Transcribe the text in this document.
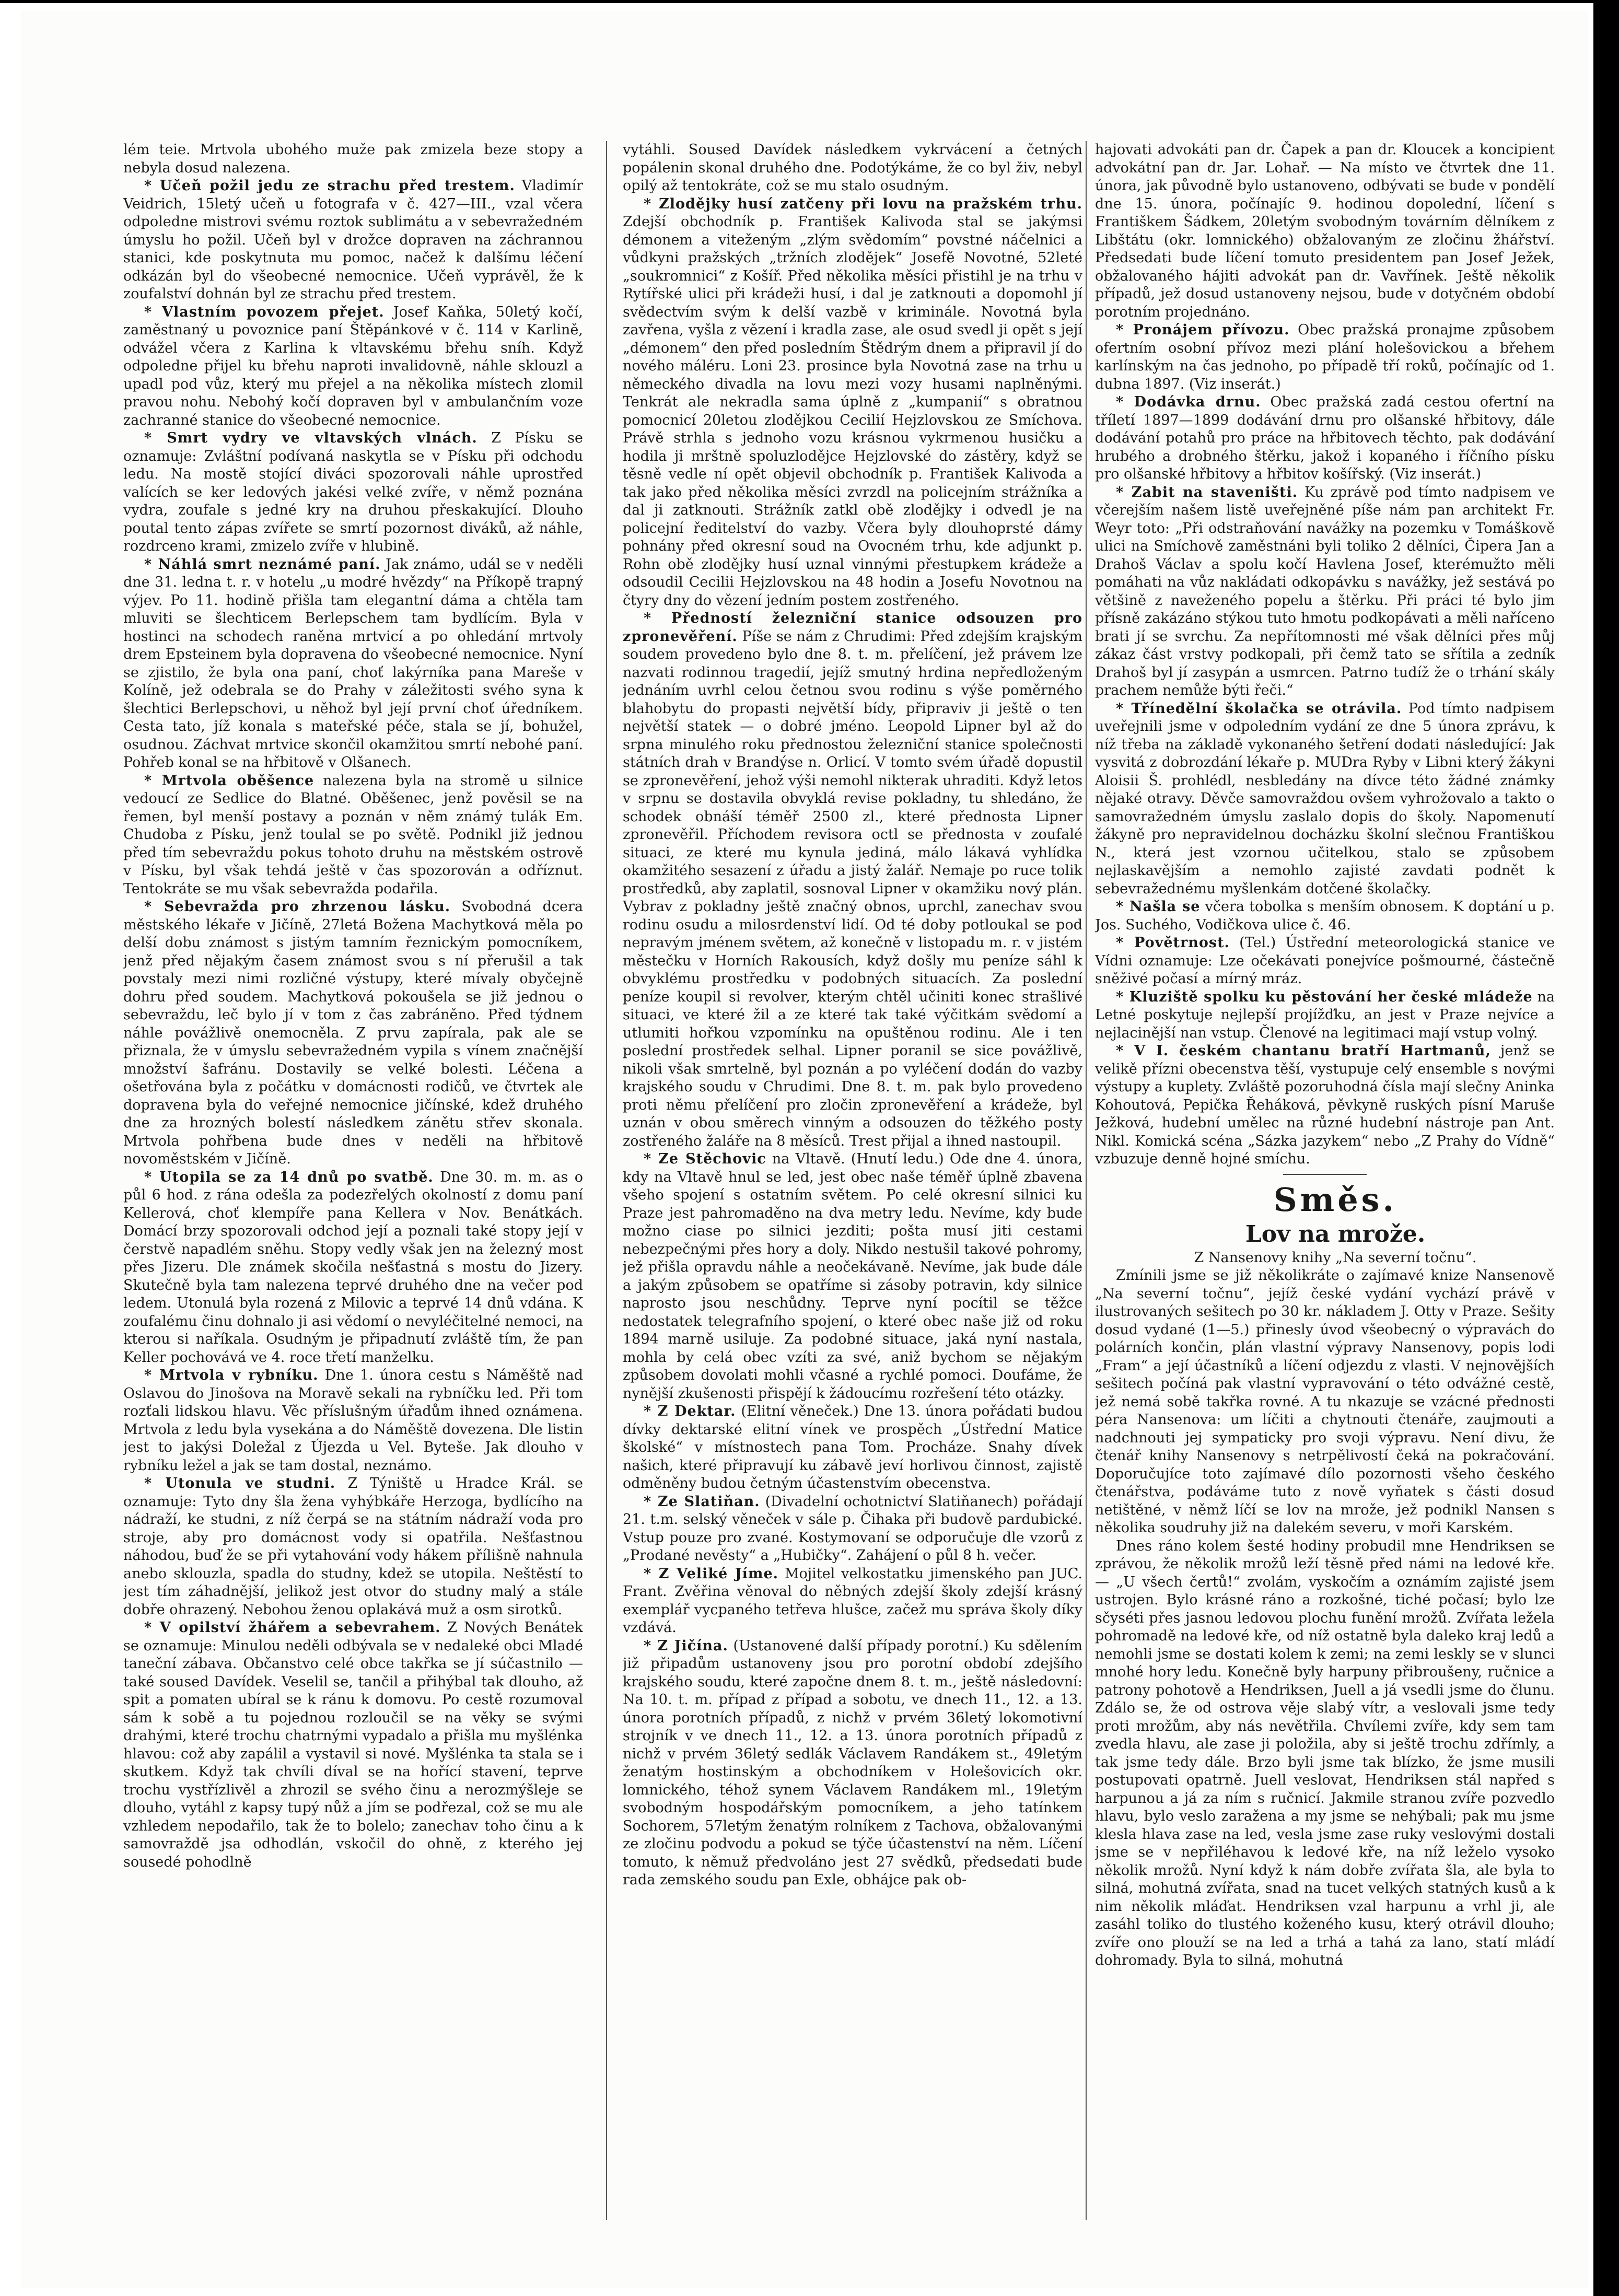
lém teie. Mrtvola ubohého muže pak zmizela beze stopy a nebyla dosud nalezena.

* Učeň požil jedu ze strachu před trestem. Vladimír Veidrich, 15letý učeň u fotografa v č. 427—III., vzal včera odpoledne mistrovi svému roztok sublimátu a v sebevražedném úmyslu ho požil. Učeň byl v drožce dopraven na záchrannou stanici, kde poskytnuta mu pomoc, načež k dalšímu léčení odkázán byl do všeobecné nemocnice. Učeň vyprávěl, že k zoufalství dohnán byl ze strachu před trestem.

* Vlastním povozem přejet. Josef Kaňka, 50letý kočí, zaměstnaný u povoznice paní Štěpánkové v č. 114 v Karlině, odvážel včera z Karlina k vltavskému břehu sníh. Když odpoledne přijel ku břehu naproti invalidovně, náhle sklouzl a upadl pod vůz, který mu přejel a na několika místech zlomil pravou nohu. Nebohý kočí dopraven byl v ambulančním voze zachranné stanice do všeobecné nemocnice.

* Smrt vydry ve vltavských vlnách. Z Písku se oznamuje: Zvláštní podívaná naskytla se v Písku při odchodu ledu. Na mostě stojící diváci spozorovali náhle uprostřed valících se ker ledových jakési velké zvíře, v němž poznána vydra, zoufale s jedné kry na druhou přeskakující. Dlouho poutal tento zápas zvířete se smrtí pozornost diváků, až náhle, rozdrceno krami, zmizelo zvíře v hlubině.

* Náhlá smrt neznámé paní. Jak známo, udál se v neděli dne 31. ledna t. r. v hotelu „u modré hvězdy“ na Příkopě trapný výjev. Po 11. hodině přišla tam elegantní dáma a chtěla tam mluviti se šlechticem Berlepschem tam bydlícím. Byla v hostinci na schodech raněna mrtvicí a po ohledání mrtvoly drem Epsteinem byla dopravena do všeobecné nemocnice. Nyní se zjistilo, že byla ona paní, choť lakýrníka pana Mareše v Kolíně, jež odebrala se do Prahy v záležitosti svého syna k šlechtici Berlepschovi, u něhož byl její první choť úředníkem. Cesta tato, jíž konala s mateřské péče, stala se jí, bohužel, osudnou. Záchvat mrtvice skončil okamžitou smrtí nebohé paní. Pohřeb konal se na hřbitově v Olšanech.

* Mrtvola oběšencе nalezena byla na stromě u silnice vedoucí ze Sedlice do Blatné. Oběšenec, jenž pověsil se na řemen, byl menší postavy a poznán v něm známý tulák Em. Chudoba z Písku, jenž toulal se po světě. Podnikl již jednou před tím sebevraždu pokus tohoto druhu na městském ostrově v Písku, byl však tehdá ještě v čas spozorován a odříznut. Tentokráte se mu však sebevražda podařila.

* Sebevražda pro zhrzenou lásku. Svobodná dcera městského lékaře v Jičíně, 27letá Božena Machytková měla po delší dobu známost s jistým tamním řeznickým pomocníkem, jenž před nějakým časem známost svou s ní přerušil a tak povstaly mezi nimi rozličné výstupy, které mívaly obyčejně dohru před soudem. Machytková pokoušela se již jednou o sebevraždu, leč bylo jí v tom z čas zabráněno. Před týdnem náhle povážlivě onemocněla. Z prvu zapírala, pak ale se přiznala, že v úmyslu sebevražedném vypila s vínem značnější množství šafránu. Dostavily se velké bolesti. Léčena a ošetřována byla z počátku v domácnosti rodičů, ve čtvrtek ale dopravena byla do veřejné nemocnice jičínské, kdež druhého dne za hrozných bolestí následkem zánětu střev skonala. Mrtvola pohřbena bude dnes v neděli na hřbitově novoměstském v Jičíně.

* Utopila se za 14 dnů po svatbě. Dne 30. m. m. as o půl 6 hod. z rána odešla za podezřelých okolností z domu paní Kellerová, choť klempíře pana Kellera v Nov. Benátkách. Domácí brzy spozorovali odchod její a poznali také stopy její v čerstvě napadlém sněhu. Stopy vedly však jen na železný most přes Jizeru. Dle známek skočila nešťastná s mostu do Jizery. Skutečně byla tam nalezena teprvé druhého dne na večer pod ledem. Utonulá byla rozená z Milovic a teprvé 14 dnů vdána. K zoufalému činu dohnalo ji asi vědomí o nevyléčitelné nemoci, na kterou si naříkala. Osudným je připadnutí zvláště tím, že pan Keller pochovává ve 4. roce třetí manželku.

* Mrtvola v rybníku. Dne 1. února cestu s Náměště nad Oslavou do Jinošova na Moravě sekali na rybníčku led. Při tom rozťali lidskou hlavu. Věc příslušným úřadům ihned oznámena. Mrtvola z ledu byla vysekána a do Náměště dovezena. Dle listin jest to jakýsi Doležal z Újezda u Vel. Byteše. Jak dlouho v rybníku ležel a jak se tam dostal, neznámo.

* Utonula ve studni. Z Týniště u Hradce Král. se oznamuje: Tyto dny šla žena vyhýbkáře Herzoga, bydlícího na nádraží, ke studni, z níž čerpá se na státním nádraží voda pro stroje, aby pro domácnost vody si opatřila. Nešťastnou náhodou, buď že se při vytahování vody hákem přílišně nahnula anebo sklouzla, spadla do studny, kdež se utopila. Neštěstí to jest tím záhadnější, jelikož jest otvor do studny malý a stále dobře ohrazený. Nebohou ženou oplakává muž a osm sirotků.

* V opilství žhářem a sebevrahem. Z Nových Benátek se oznamuje: Minulou neděli odbývala se v nedaleké obci Mladé taneční zábava. Občanstvo celé obce takřka se jí súčastnilo — také soused Davídek. Veselil se, tančil a přihýbal tak dlouho, až spit a pomaten ubíral se k ránu k domovu. Po cestě rozumoval sám k sobě a tu pojednou rozloučil se na věky se svými drahými, které trochu chatrnými vypadalo a přišla mu myšlénka hlavou: což aby zapálil a vystavil si nové. Myšlénka ta stala se i skutkem. Když tak chvíli díval se na hořící stavení, teprve trochu vystřízlivěl a zhrozil se svého činu a nerozmýšleje se dlouho, vytáhl z kapsy tupý nůž a jím se podřezal, což se mu ale vzhledem nepodařilo, tak že to bolelo; zanechav toho činu a k samovraždě jsa odhodlán, vskočil do ohně, z kterého jej sousedé pohodlně

vytáhli. Soused Davídek následkem vykrvácení a četných popálenin skonal druhého dne. Podotýkáme, že co byl živ, nebyl opilý až tentokráte, což se mu stalo osudným.

* Zlodějky husí zatčeny při lovu na pražském trhu. Zdejší obchodník p. František Kalivoda stal se jakýmsi démonem a viteženým „zlým svědomím“ povstné náčelnici a vůdkyni pražských „tržních zlodějek“ Josefě Novotné, 52leté „soukromnici“ z Košíř. Před několika měsíci přistihl je na trhu v Rytířské ulici při krádeži husí, i dal je zatknouti a dopomohl jí svědectvím svým k delší vazbě v kriminále. Novotná byla zavřena, vyšla z vězení i kradla zase, ale osud svedl ji opět s její „démonem“ den před posledním Štědrým dnem a připravil jí do nového máléru. Loni 23. prosince byla Novotná zase na trhu u německého divadla na lovu mezi vozy husami naplněnými. Tenkrát ale nekradla sama úplně z „kumpanií“ s obratnou pomocnicí 20letou zlodějkou Cecilií Hejzlovskou ze Smíchova. Právě strhla s jednoho vozu krásnou vykrmenou husičku a hodila ji mrštně spoluzlodějce Hejzlovské do zástěry, když se těsně vedle ní opět objevil obchodník p. František Kalivoda a tak jako před několika měsíci zvrzdl na policejním strážníka a dal ji zatknouti. Strážník zatkl obě zlodějky i odvedl je na policejní ředitelství do vazby. Včera byly dlouhoprsté dámy pohnány před okresní soud na Ovocném trhu, kde adjunkt p. Rohn obě zlodějky husí uznal vinnými přestupkem krádeže a odsoudil Cecilii Hejzlovskou na 48 hodin a Josefu Novotnou na čtyry dny do vězení jedním postem zostřeného.

* Předností železniční stanice odsouzen pro zpronevěření. Píše se nám z Chrudimi: Před zdejším krajským soudem provedeno bylo dne 8. t. m. přelíčení, jež právem lze nazvati rodinnou tragedií, jejíž smutný hrdina nepředloženým jednáním uvrhl celou četnou svou rodinu s výše poměrného blahobytu do propasti největší bídy, připraviv ji ještě o ten největší statek — o dobré jméno. Leopold Lipner byl až do srpna minulého roku přednostou železniční stanice společnosti státních drah v Brandýse n. Orlicí. V tomto svém úřadě dopustil se zpronevěření, jehož výši nemohl nikterak uhraditi. Když letos v srpnu se dostavila obvyklá revise pokladny, tu shledáno, že schodek obnáší téměř 2500 zl., které přednosta Lipner zpronevěřil. Příchodem revisora octl se přednosta v zoufalé situaci, ze které mu kynula jediná, málo lákavá vyhlídka okamžitého sesazení z úřadu a jistý žalář. Nemaje po ruce tolik prostředků, aby zaplatil, sosnoval Lipner v okamžiku nový plán. Vybrav z pokladny ještě značný obnos, uprchl, zanechav svou rodinu osudu a milosrdenství lidí. Od té doby potloukal se pod nepravým jménem světem, až konečně v listopadu m. r. v jistém městečku v Horních Rakousích, když došly mu peníze sáhl k obvyklému prostředku v podobných situacích. Za poslední peníze koupil si revolver, kterým chtěl učiniti konec strašlivé situaci, ve které žil a ze které tak také výčitkám svědomí a utlumiti hořkou vzpomínku na opuštěnou rodinu. Ale i ten poslední prostředek selhal. Lipner poranil se sice povážlivě, nikoli však smrtelně, byl poznán a po vyléčení dodán do vazby krajského soudu v Chrudimi. Dne 8. t. m. pak bylo provedeno proti němu přelíčení pro zločin zpronevěření a krádeže, byl uznán v obou směrech vinným a odsouzen do těžkého posty zostřeného žaláře na 8 měsíců. Trest přijal a ihned nastoupil.

* Ze Stěchovic na Vltavě. (Hnutí ledu.) Ode dne 4. února, kdy na Vltavě hnul se led, jest obec naše téměř úplně zbavena všeho spojení s ostatním světem. Po celé okresní silnici ku Praze jest pahromaděno na dva metry ledu. Nevíme, kdy bude možno ciase po silnici jezditi; pošta musí jiti cestami nebezpečnými přes hory a doly. Nikdo nestušil takové pohromy, jež přišla opravdu náhle a neočekávaně. Nevíme, jak bude dále a jakým způsobem se opatříme si zásoby potravin, kdy silnice naprosto jsou neschůdny. Teprve nyní pocítil se těžce nedostatek telegrafního spojení, o které obec naše již od roku 1894 marně usiluje. Za podobné situace, jaká nyní nastala, mohla by celá obec vzíti za své, aniž bychom se nějakým způsobem dovolati mohli včasné a rychlé pomoci. Doufáme, že nynější zkušenosti přispějí k žádoucímu rozřešení této otázky.

* Z Dektar. (Elitní věneček.) Dne 13. února pořádati budou dívky dektarské elitní vínek ve prospěch „Ústřední Matice školské“ v místnostech pana Tom. Procháze. Snahy dívek našich, které připravují ku zábavě jeví horlivou činnost, zajistě odměněny budou četným účastenstvím obecenstva.

* Ze Slatiňan. (Divadelní ochotnictví Slatiňanech) pořádají 21. t.m. selský věneček v sále p. Čihaka při budově pardubické. Vstup pouze pro zvané. Kostymovaní se odporučuje dle vzorů z „Prodané nevěsty“ a „Hubičky“. Zahájení o půl 8 h. večer.

* Z Veliké Jíme. Mojitel velkostatku jimenského pan JUC. Frant. Zvěřina věnoval do něbných zdejší školy zdejší krásný exemplář vycpaného tetřeva hlušce, začež mu správa školy díky vzdává.

* Z Jičína. (Ustanovené další případy porotní.) Ku sdělením již připadům ustanoveny jsou pro porotní období zdejšího krajského soudu, které započne dnem 8. t. m., ještě následovní: Na 10. t. m. případ z případ a sobotu, ve dnech 11., 12. a 13. února porotních případů, z nichž v prvém 36letý lokomotivní strojník v ve dnech 11., 12. a 13. února porotních případů z nichž v prvém 36letý sedlák Václavem Randákem st., 49letým ženatým hostinským a obchodníkem v Holešovicích okr. lomnického, téhož synem Václavem Randákem ml., 19letým svobodným hospodářským pomocníkem, a jeho tatínkem Sochorem, 57letým ženatým rolníkem z Tachova, obžalovanými ze zločinu podvodu a pokud se týče účastenství na něm. Líčení tomuto, k němuž předvoláno jest 27 svědků, předsedati bude rada zemského soudu pan Exle, obhájce pak ob-

hajovati advokáti pan dr. Čapek a pan dr. Kloucek a koncipient advokátní pan dr. Jar. Lohař. — Na místo ve čtvrtek dne 11. února, jak původně bylo ustanoveno, odbývati se bude v pondělí dne 15. února, počínajíc 9. hodinou dopolední, líčení s Františkem Šádkem, 20letým svobodným továrním dělníkem z Libštátu (okr. lomnického) obžalovaným ze zločinu žhářství. Předsedati bude líčení tomuto presidentem pan Josef Ježek, obžalovaného hájiti advokát pan dr. Vavřínek. Ještě několik případů, jež dosud ustanoveny nejsou, bude v dotyčném období porotním projednáno.

* Pronájem přívozu. Obec pražská pronajme způsobem ofertním osobní přívoz mezi plání holešovickou a břehem karlínským na čas jednoho, po případě tří roků, počínajíc od 1. dubna 1897. (Viz inserát.)

* Dodávka drnu. Obec pražská zadá cestou ofertní na tříletí 1897—1899 dodávání drnu pro olšanské hřbitovy, dále dodávání potahů pro práce na hřbitovech těchto, pak dodávání hrubého a drobného štěrku, jakož i kopaného i říčního písku pro olšanské hřbitovy a hřbitov košířský. (Viz inserát.)

* Zabit na staveništi. Ku zprávě pod tímto nadpisem ve včerejším našem listě uveřejněné píše nám pan architekt Fr. Weyr toto: „Při odstraňování navážky na pozemku v Tomáškově ulici na Smíchově zaměstnáni byli toliko 2 dělníci, Čipera Jan a Drahoš Václav a spolu kočí Havlena Josef, kterémužto měli pomáhati na vůz nakládati odkopávku s navážky, jež sestává po většině z naveženého popelu a štěrku. Při práci té bylo jim přísně zakázáno stýkou tuto hmotu podkopávati a měli naříceno brati jí se svrchu. Za nepřítomnosti mé však dělníci přes můj zákaz část vrstvy podkopali, při čemž tato se sřítila a zedník Drahoš byl jí zasypán a usmrcen. Patrno tudíž že o trhání skály prachem nemůže býti řeči.“

* Třínedělní školačka se otrávila. Pod tímto nadpisem uveřejnili jsme v odpoledním vydání ze dne 5 února zprávu, k níž třeba na základě vykonaného šetření dodati následující: Jak vysvitá z dobrozdání lékaře p. MUDra Ryby v Libni který žákyni Aloisii Š. prohlédl, nesbledány na dívce této žádné známky nějaké otravy. Děvče samovraždou ovšem vyhrožovalo a takto o samovražedném úmyslu zaslalo dopis do školy. Napomenutí žákyně pro nepravidelnou docházku školní slečnou Františkou N., která jest vzornou učitelkou, stalo se způsobem nejlaskavějším a nemohlo zajisté zavdati podnět k sebevražednému myšlenkám dotčené školačky.

* Našla se včera tobolka s menším obnosem. K doptání u p. Jos. Suchého, Vodičkova ulice č. 46.

* Povětrnost. (Tel.) Ústřední meteorologická stanice ve Vídni oznamuje: Lze očekávati ponejvíce pošmourné, částečně sněživé počasí a mírný mráz.

* Kluziště spolku ku pěstování her české mládeže na Letné poskytuje nejlepší projížďku, an jest v Praze nejvíce a nejlacinější nan vstup. Členové na legitimaci mají vstup volný.

* V I. českém chantanu bratří Hartmanů, jenž se velikě přízni obecenstva těší, vystupuje celý ensemble s novými výstupy a kuplety. Zvláště pozoruhodná čísla mají slečny Aninka Kohoutová, Pepička Řeháková, pěvkyně ruských písní Maruše Ježková, hudební umělec na různé hudební nástroje pan Ant. Nikl. Komická scéna „Sázka jazykem“ nebo „Z Prahy do Vídně“ vzbuzuje denně hojné smíchu.

Směs.

Lov na mrože.

Z Nansenovy knihy „Na severní točnu“.

Zmínili jsme se již několikráte o zajímavé knize Nansenově „Na severní točnu“, jejíž české vydání vychází právě v ilustrovaných sešitech po 30 kr. nákladem J. Otty v Praze. Sešity dosud vydané (1—5.) přinesly úvod všeobecný o výpravách do polárních končin, plán vlastní výpravy Nansenovy, popis lodi „Fram“ a její účastníků a líčení odjezdu z vlasti. V nejnovějších sešitech počíná pak vlastní vypravování o této odvážné cestě, jež nemá sobě takřka rovné. A tu nkazuje se vzácné přednosti péra Nansenova: um líčiti a chytnouti čtenáře, zaujmouti a nadchnouti jej sympaticky pro svoji výpravu. Není divu, že čtenář knihy Nansenovy s netrpělivostí čeká na pokračování. Doporučujíce toto zajímavé dílo pozornosti všeho českého čtenářstva, podáváme tuto z nově vyňatek s části dosud netištěné, v němž líčí se lov na mrože, jež podnikl Nansen s několika soudruhy již na dalekém severu, v moři Karském.

Dnes ráno kolem šesté hodiny probudil mne Hendriksen se zprávou, že několik mrožů leží těsně před námi na ledové kře. — „U všech čertů!“ zvolám, vyskočím a oznámím zajisté jsem ustrojen. Bylo krásné ráno a rozkošné, tiché počasí; bylo lze sčyséti přes jasnou ledovou plochu funění mrožů. Zvířata ležela pohromadě na ledové kře, od níž ostatně byla daleko kraj ledů a nemohli jsme se dostati kolem k zemi; na zemi leskly se v slunci mnohé hory ledu. Konečně byly harpuny přibroušeny, ručnice a patrony pohotově a Hendriksen, Juell a já vsedli jsme do člunu. Zdálo se, že od ostrova věje slabý vítr, a veslovali jsme tedy proti mrožům, aby nás nevětřila. Chvílemi zvíře, kdy sem tam zvedla hlavu, ale zase ji položila, aby si ještě trochu zdřímly, a tak jsme tedy dále. Brzo byli jsme tak blízko, že jsme musili postupovati opatrně. Juell veslovat, Hendriksen stál napřed s harpunou a já za ním s ručnicí. Jakmile stranou zvíře pozvedlo hlavu, bylo veslo zaražena a my jsme se nehýbali; pak mu jsme klesla hlava zase na led, vesla jsme zase ruky veslovými dostali jsme se v nepřiléhavou k ledové kře, na níž leželo vysoko několik mrožů. Nyní když k nám dobře zvířata šla, ale byla to silná, mohutná zvířata, snad na tucet velkých statných kusů a k nim několik mláďat. Hendriksen vzal harpunu a vrhl ji, ale zasáhl toliko do tlustého koženého kusu, který otrávil dlouho; zvíře ono plouží se na led a trhá a tahá za lano, statí mládí dohromady. Byla to silná, mohutná
